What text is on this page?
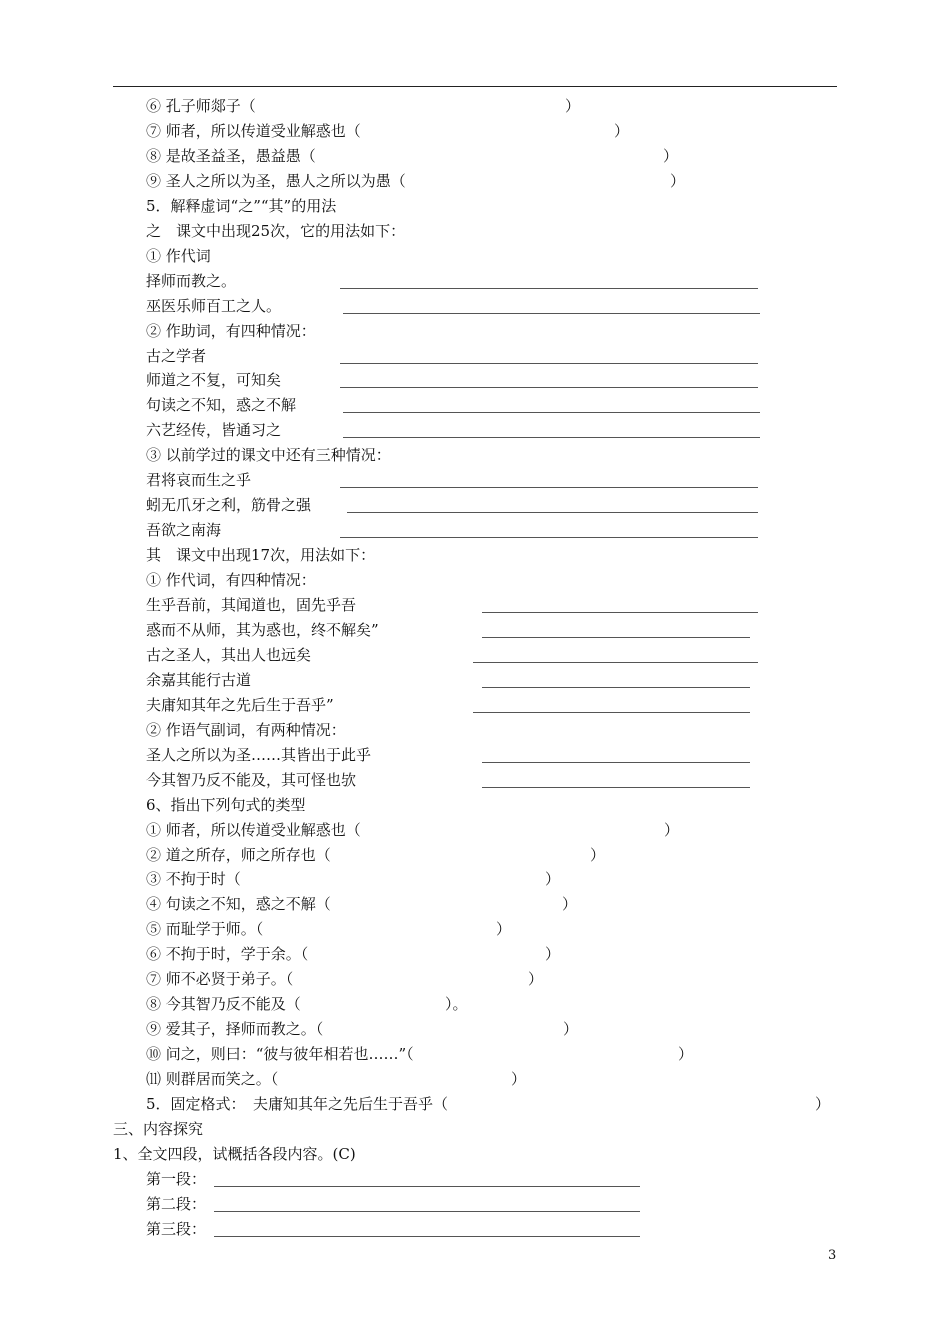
⑥ 孔子师郯子（	）
⑦ 师者，所以传道受业解惑也（	）
⑧ 是故圣益圣，愚益愚（	）
⑨ 圣人之所以为圣，愚人之所以为愚（	）
5．解释虚词“之”“其”的用法
之　课文中出现25次，它的用法如下：
① 作代词
择师而教之。
巫医乐师百工之人。
② 作助词，有四种情况：
古之学者
师道之不复，可知矣
句读之不知，惑之不解
六艺经传，皆通习之
③ 以前学过的课文中还有三种情况：
君将哀而生之乎
蚓无爪牙之利，筋骨之强
吾欲之南海
其　课文中出现17次，用法如下：
① 作代词，有四种情况：
生乎吾前，其闻道也，固先乎吾
惑而不从师，其为惑也，终不解矣”
古之圣人，其出人也远矣
余嘉其能行古道
夫庸知其年之先后生于吾乎”
② 作语气副词，有两种情况：
圣人之所以为圣……其皆出于此乎
今其智乃反不能及，其可怪也欤
6、指出下列句式的类型
① 师者，所以传道受业解惑也（	）
② 道之所存，师之所存也（	）
③ 不拘于时（	）
④ 句读之不知，惑之不解（	）
⑤ 而耻学于师。（	）
⑥ 不拘于时，学于余。（	）
⑦ 师不必贤于弟子。（	）
⑧ 今其智乃反不能及（	）。
⑨ 爱其子，择师而教之。（	）
⑩ 问之，则曰：“彼与彼年相若也……”（	）
⑾ 则群居而笑之。（	）
5．固定格式：　夫庸知其年之先后生于吾乎（	）
三、内容探究
1、全文四段，试概括各段内容。(C)
第一段：
第二段：
第三段：
3
